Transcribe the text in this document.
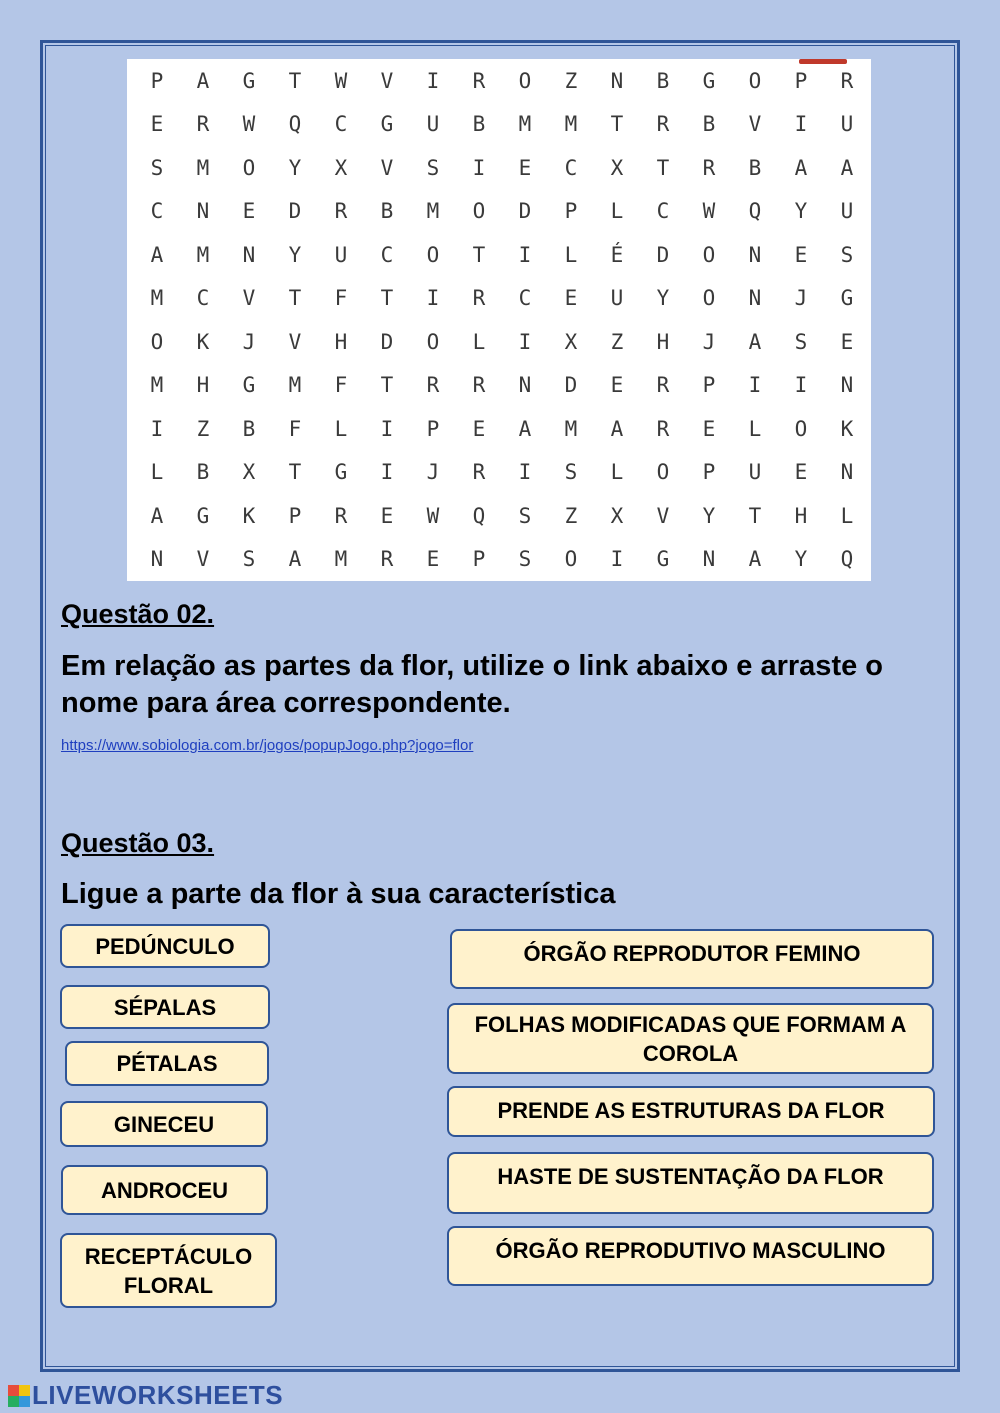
P	A	G	T	W	V	I	R	O	Z	N	B	G	O	P	R
E	R	W	Q	C	G	U	B	M	M	T	R	B	V	I	U
S	M	O	Y	X	V	S	I	E	C	X	T	R	B	A	A
C	N	E	D	R	B	M	O	D	P	L	C	W	Q	Y	U
A	M	N	Y	U	C	O	T	I	L	É	D	O	N	E	S
M	C	V	T	F	T	I	R	C	E	U	Y	O	N	J	G
O	K	J	V	H	D	O	L	I	X	Z	H	J	A	S	E
M	H	G	M	F	T	R	R	N	D	E	R	P	I	I	N
I	Z	B	F	L	I	P	E	A	M	A	R	E	L	O	K
L	B	X	T	G	I	J	R	I	S	L	O	P	U	E	N
A	G	K	P	R	E	W	Q	S	Z	X	V	Y	T	H	L
N	V	S	A	M	R	E	P	S	O	I	G	N	A	Y	Q
Questão 02.
Em relação as partes da flor, utilize o link abaixo e arraste o nome para área correspondente.
https://www.sobiologia.com.br/jogos/popupJogo.php?jogo=flor
Questão 03.
Ligue a parte da flor à sua característica
PEDÚNCULO
SÉPALAS
PÉTALAS
GINECEU
ANDROCEU
RECEPTÁCULO FLORAL
ÓRGÃO REPRODUTOR FEMINO
FOLHAS MODIFICADAS QUE FORMAM A COROLA
PRENDE AS ESTRUTURAS DA FLOR
HASTE DE SUSTENTAÇÃO DA FLOR
ÓRGÃO REPRODUTIVO MASCULINO
LIVEWORKSHEETS
